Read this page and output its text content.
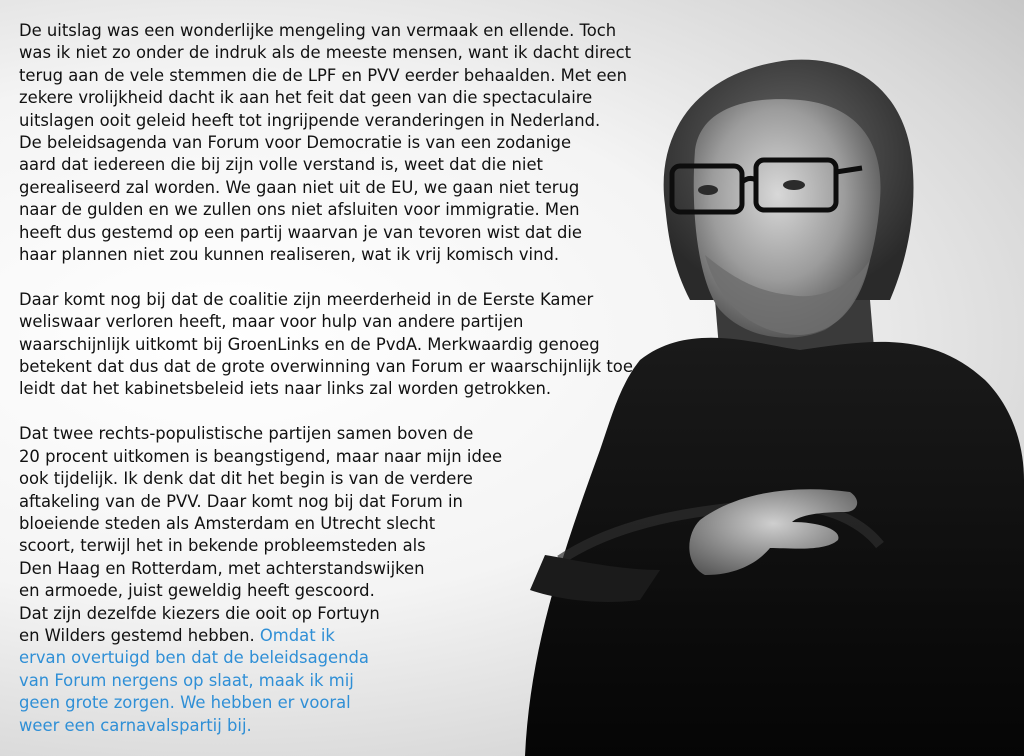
De uitslag was een wonderlijke mengeling van vermaak en ellende. Toch
was ik niet zo onder de indruk als de meeste mensen, want ik dacht direct
terug aan de vele stemmen die de LPF en PVV eerder behaalden. Met een
zekere vrolijkheid dacht ik aan het feit dat geen van die spectaculaire
uitslagen ooit geleid heeft tot ingrijpende veranderingen in Nederland.
De beleidsagenda van Forum voor Democratie is van een zodanige
aard dat iedereen die bij zijn volle verstand is, weet dat die niet
gerealiseerd zal worden. We gaan niet uit de EU, we gaan niet terug
naar de gulden en we zullen ons niet afsluiten voor immigratie. Men
heeft dus gestemd op een partij waarvan je van tevoren wist dat die
haar plannen niet zou kunnen realiseren, wat ik vrij komisch vind.

Daar komt nog bij dat de coalitie zijn meerderheid in de Eerste Kamer
weliswaar verloren heeft, maar voor hulp van andere partijen
waarschijnlijk uitkomt bij GroenLinks en de PvdA. Merkwaardig genoeg
betekent dat dus dat de grote overwinning van Forum er waarschijnlijk toe
leidt dat het kabinetsbeleid iets naar links zal worden getrokken.

Dat twee rechts-populistische partijen samen boven de
20 procent uitkomen is beangstigend, maar naar mijn idee
ook tijdelijk. Ik denk dat dit het begin is van de verdere
aftakeling van de PVV. Daar komt nog bij dat Forum in
bloeiende steden als Amsterdam en Utrecht slecht
scoort, terwijl het in bekende probleemsteden als
Den Haag en Rotterdam, met achterstandswijken
en armoede, juist geweldig heeft gescoord.
Dat zijn dezelfde kiezers die ooit op Fortuyn
en Wilders gestemd hebben. Omdat ik
ervan overtuigd ben dat de beleidsagenda
van Forum nergens op slaat, maak ik mij
geen grote zorgen. We hebben er vooral
weer een carnavalspartij bij.
